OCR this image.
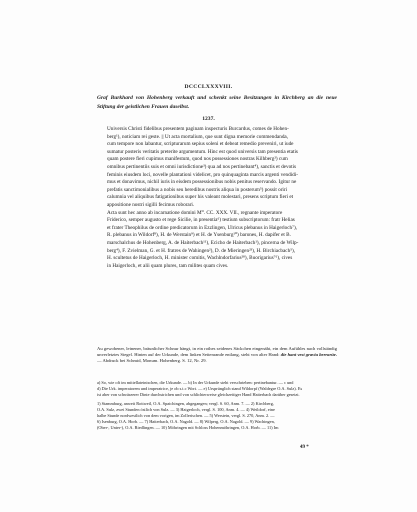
DCCCLXXXVIII.
Graf Burkhard von Hohenberg verkauft und schenkt seine Besitzungen in Kirchberg an die neue Stiftung der geistlichen Frauen daselbst.
1237.

Universis Christi fidelibus presentem paginam inspecturis Burcardus, comes de Hohen-
berg¹), noticiam rei geste. || Ut acta mortalium, que sunt digna memorie commendanda,
cum tempore non labantur, scripturarum sepius soleni et debeat remedio preveniri, ut iude
sumatur posteris veritatis preterite argumentum. Hinc est quod universis tam presentia etatis
quam postere fieri cupimus manifestum, quod nos possessiones nostras Kilhberg²) cum
omnibus pertinentiis suis et omni iurisdictione³) qua ad nos pertinebant⁴), sanctis et devotis
feminis eiusdem loci, novelle plantationi videlicet, pro quinquaginta marcis argenti vendidi-
mus et donavimus, nichil iuris in eisdem possessionibus nobis penitus reservando. Igitur ne
prefatis sanctimonialibus a nobis seu heredibus nostris aliqua in posterum⁵) possit oriri
calumnia vel aliquibus fatigationibus super his valeant molestari, presens scriptum fieri et
appositione nostri sigilli fecimus roborari.

Acta sunt hec anno ab incarnatione domini M⁰. CC. XXX. VII., regnante imperatore
Friderico, semper augusto et rege Sicilie, in presentia⁶) testium subscriptorum: fratr Helias
et frater Theophilus de ordine predicatorum in Ezzlingen, Ulricus plebanus in Haigerloch⁷),
R. plebanus in Wildorf⁸), H. de Werstain⁹) et H. de Ysenburg¹⁰) barones, H. dapifer et B.
marschalchus de Hohenberg, A. de Haiterbach¹¹), Ecicho de Haiterbach¹), pincerna de Wilp-
berg⁴), F. Zvielman, G. et H. fratres de Wahingen²), D. de Mieringen²³), H. Birchiacbach⁵),
H. scultetus de Haigerloch, H. minister comitis, Wachlndorfarius²⁸), Buorigarius⁷⁶), cives
in Haigerloch, et alii quam plures, tam milites quam cives.

Au gewobener, leinener, bräunlicher Schnur hängt, in ein rothes seidenes Säckchen eingenäht, ein dem Aufühles nach vollständig unverletztes Siegel. Hinten auf der Urkunde, dem linken Seitenrande entlang, steht von alter Hand: die hant vest graviu berrarüe. — Abdruck bei Schmid, Monum. Hohenberg. S. 12, Nr. 29.
a) So, wie oft im mittellateinischen, die Urkunde. — b) In der Urkunde steht verschrieben: pertinebantur. — c und
d) Die Urk. imperatorem und imperatrice, je ob s.t.c Wort. — e) Ursprünglich stand Wildorpf (Waldegre O.A. Sulz). Es
ist aber von schwärzerer Dinte durchstrichen und von schlichterweise gleichzeitiger Hand Haiterbach darüber gesetzt.
1) Stammburg, anweit Rottweil, O.A. Spaichingen, abgegangen; vergl. S. 60, Anm. 7. — 2) Kirchberg,
O.A. Sulz, zwei Stunden östlich von Sulz. — 3) Haigerloch, vergl. S. 100, Anm. 4. — 4) Weildorf, eine
halbe Stunde nordwestlich von dem vorigen, im Zollerischen. — 5) Werstein, vergl. S. 270, Anm. 2. —
6) Isenburg, O.A. Horb. — 7) Haiterbach, O.A. Nagold. — 8) Wilperg, O.A. Nagold. — 9) Wachingen,
(Ober-, Unter-), O.A. Riedlingen. — 10) Möhringen mit Schloss Hohenmöhringen, O.A. Horb. — 11) Im
49 *
